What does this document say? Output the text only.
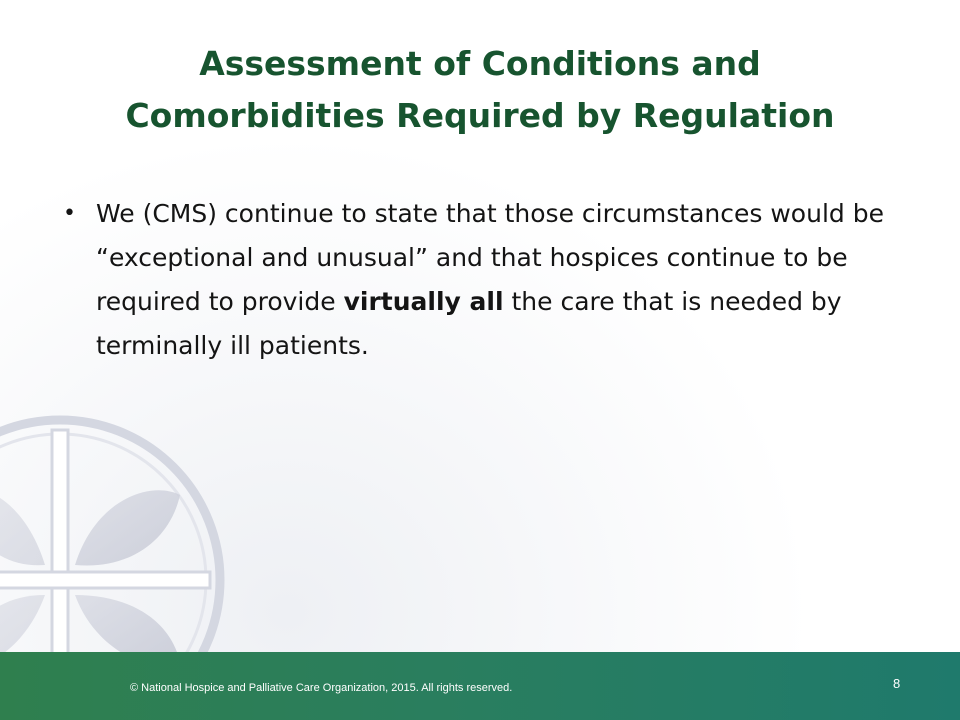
Assessment of Conditions and
Comorbidities Required by Regulation
• We (CMS) continue to state that those circumstances would be “exceptional and unusual” and that hospices continue to be required to provide virtually all the care that is needed by terminally ill patients.
© National Hospice and Palliative Care Organization, 2015. All rights reserved.	8
